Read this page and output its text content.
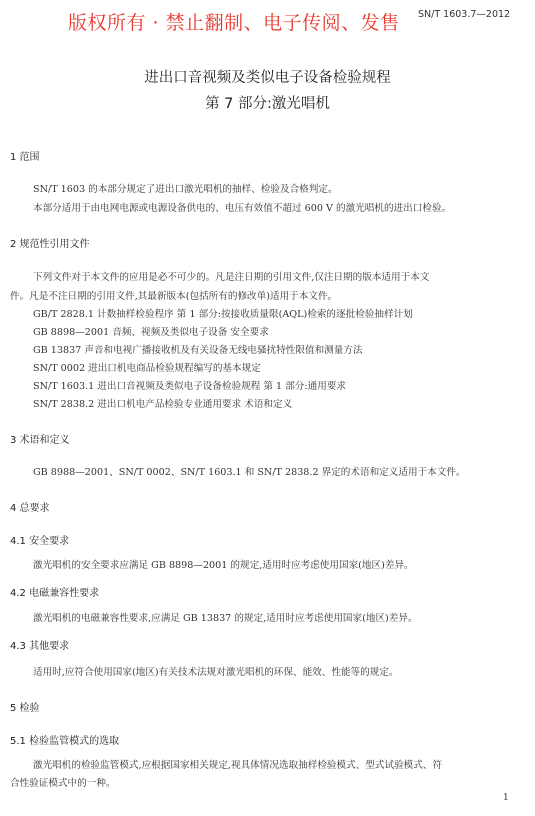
版权所有 · 禁止翻制、电子传阅、发售 SN/T 1603.7—2012
进出口音视频及类似电子设备检验规程
第 7 部分:激光唱机
1 范围
SN/T 1603 的本部分规定了进出口激光唱机的抽样、检验及合格判定。
本部分适用于由电网电源或电源设备供电的、电压有效值不超过 600 V 的激光唱机的进出口检验。
2 规范性引用文件
下列文件对于本文件的应用是必不可少的。凡是注日期的引用文件,仅注日期的版本适用于本文
件。凡是不注日期的引用文件,其最新版本(包括所有的修改单)适用于本文件。
GB/T 2828.1 计数抽样检验程序 第 1 部分:按接收质量限(AQL)检索的逐批检验抽样计划
GB 8898—2001 音频、视频及类似电子设备 安全要求
GB 13837 声音和电视广播接收机及有关设备无线电骚扰特性限值和测量方法
SN/T 0002 进出口机电商品检验规程编写的基本规定
SN/T 1603.1 进出口音视频及类似电子设备检验规程 第 1 部分:通用要求
SN/T 2838.2 进出口机电产品检验专业通用要求 术语和定义
3 术语和定义
GB 8988—2001、SN/T 0002、SN/T 1603.1 和 SN/T 2838.2 界定的术语和定义适用于本文件。
4 总要求
4.1 安全要求
激光唱机的安全要求应满足 GB 8898—2001 的规定,适用时应考虑使用国家(地区)差异。
4.2 电磁兼容性要求
激光唱机的电磁兼容性要求,应满足 GB 13837 的规定,适用时应考虑使用国家(地区)差异。
4.3 其他要求
适用时,应符合使用国家(地区)有关技术法规对激光唱机的环保、能效、性能等的规定。
5 检验
5.1 检验监管模式的选取
激光唱机的检验监管模式,应根据国家相关规定,视具体情况选取抽样检验模式、型式试验模式、符
合性验证模式中的一种。
1
